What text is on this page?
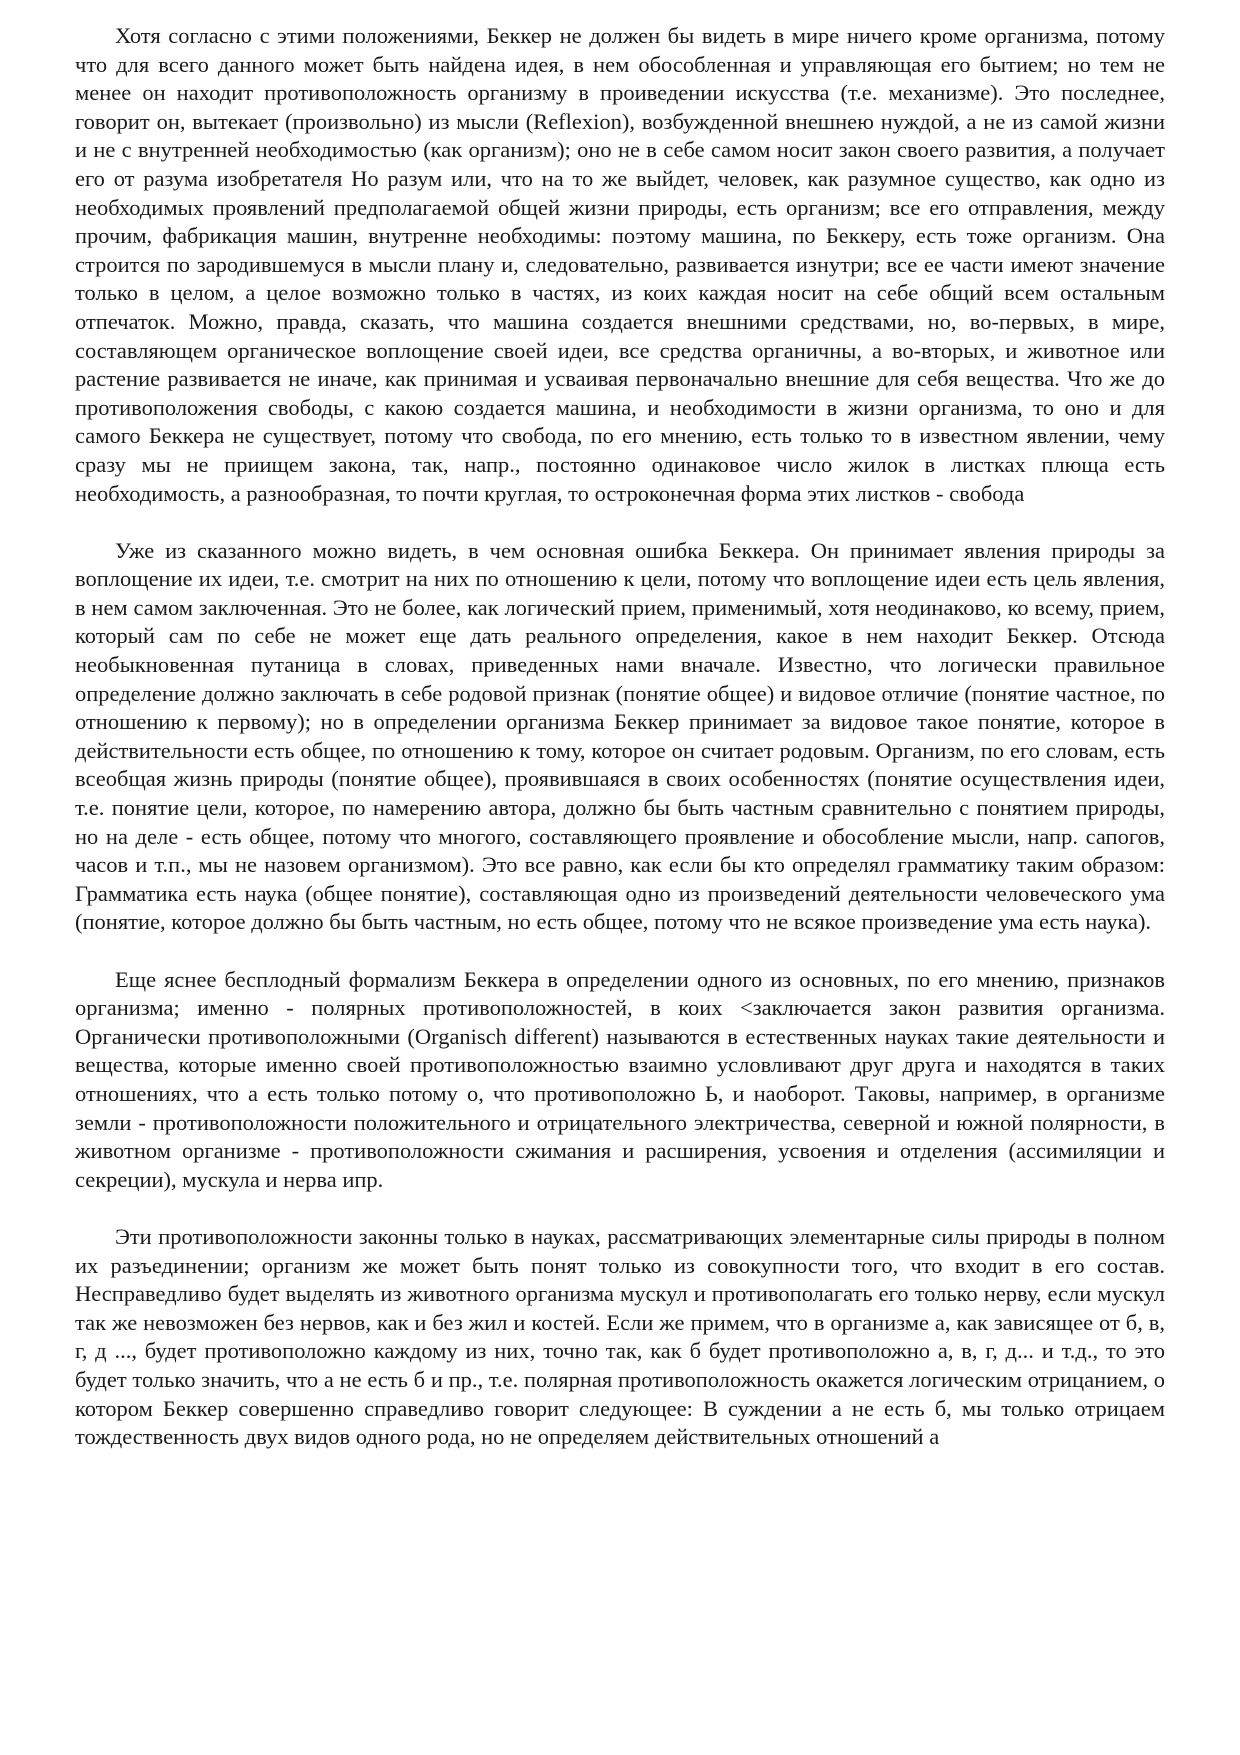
Хотя согласно с этими положениями, Беккер не должен бы видеть в мире ничего кроме организма, потому что для всего данного может быть найдена идея, в нем обособленная и управляющая его бытием; но тем не менее он находит противоположность организму в проиведении искусства (т.е. механизме). Это последнее, говорит он, вытекает (произвольно) из мысли (Reflexion), возбужденной внешнею нуждой, а не из самой жизни и не с внутренней необходимостью (как организм); оно не в себе самом носит закон своего развития, а получает его от разума изобретателя Но разум или, что на то же выйдет, человек, как разумное существо, как одно из необходимых проявлений предполагаемой общей жизни природы, есть организм; все его отправления, между прочим, фабрикация машин, внутренне необходимы: поэтому машина, по Беккеру, есть тоже организм. Она строится по зародившемуся в мысли плану и, следовательно, развивается изнутри; все ее части имеют значение только в целом, а целое возможно только в частях, из коих каждая носит на себе общий всем остальным отпечаток. Можно, правда, сказать, что машина создается внешними средствами, но, во-первых, в мире, составляющем органическое воплощение своей идеи, все средства органичны, а во-вторых, и животное или растение развивается не иначе, как принимая и усваивая первоначально внешние для себя вещества. Что же до противоположения свободы, с какою создается машина, и необходимости в жизни организма, то оно и для самого Беккера не существует, потому что свобода, по его мнению, есть только то в известном явлении, чему сразу мы не приищем закона, так, напр., постоянно одинаковое число жилок в листках плюща есть необходимость, а разнообразная, то почти круглая, то остроконечная форма этих листков - свобода

Уже из сказанного можно видеть, в чем основная ошибка Беккера. Он принимает явления природы за воплощение их идеи, т.е. смотрит на них по отношению к цели, потому что воплощение идеи есть цель явления, в нем самом заключенная. Это не более, как логический прием, применимый, хотя неодинаково, ко всему, прием, который сам по себе не может еще дать реального определения, какое в нем находит Беккер. Отсюда необыкновенная путаница в словах, приведенных нами вначале. Известно, что логически правильное определение должно заключать в себе родовой признак (понятие общее) и видовое отличие (понятие частное, по отношению к первому); но в определении организма Беккер принимает за видовое такое понятие, которое в действительности есть общее, по отношению к тому, которое он считает родовым. Организм, по его словам, есть всеобщая жизнь природы (понятие общее), проявившаяся в своих особенностях (понятие осуществления идеи, т.е. понятие цели, которое, по намерению автора, должно бы быть частным сравнительно с понятием природы, но на деле - есть общее, потому что многого, составляющего проявление и обособление мысли, напр. сапогов, часов и т.п., мы не назовем организмом). Это все равно, как если бы кто определял грамматику таким образом: Грамматика есть наука (общее понятие), составляющая одно из произведений деятельности человеческого ума (понятие, которое должно бы быть частным, но есть общее, потому что не всякое произведение ума есть наука).

Еще яснее бесплодный формализм Беккера в определении одного из основных, по его мнению, признаков организма; именно - полярных противоположностей, в коих <заключается закон развития организма. Органически противоположными (Organisch different) называются в естественных науках такие деятельности и вещества, которые именно своей противоположностью взаимно условливают друг друга и находятся в таких отношениях, что а есть только потому о, что противоположно Ь, и наоборот. Таковы, например, в организме земли - противоположности положительного и отрицательного электричества, северной и южной полярности, в животном организме - противоположности сжимания и расширения, усвоения и отделения (ассимиляции и секреции), мускула и нерва ипр.

Эти противоположности законны только в науках, рассматривающих элементарные силы природы в полном их разъединении; организм же может быть понят только из совокупности того, что входит в его состав. Несправедливо будет выделять из животного организма мускул и противополагать его только нерву, если мускул так же невозможен без нервов, как и без жил и костей. Если же примем, что в организме а, как зависящее от б, в, г, д ..., будет противоположно каждому из них, точно так, как б будет противоположно а, в, г, д... и т.д., то это будет только значить, что а не есть б и пр., т.е. полярная противоположность окажется логическим отрицанием, о котором Беккер совершенно справедливо говорит следующее: В суждении а не есть б, мы только отрицаем тождественность двух видов одного рода, но не определяем действительных отношений а
